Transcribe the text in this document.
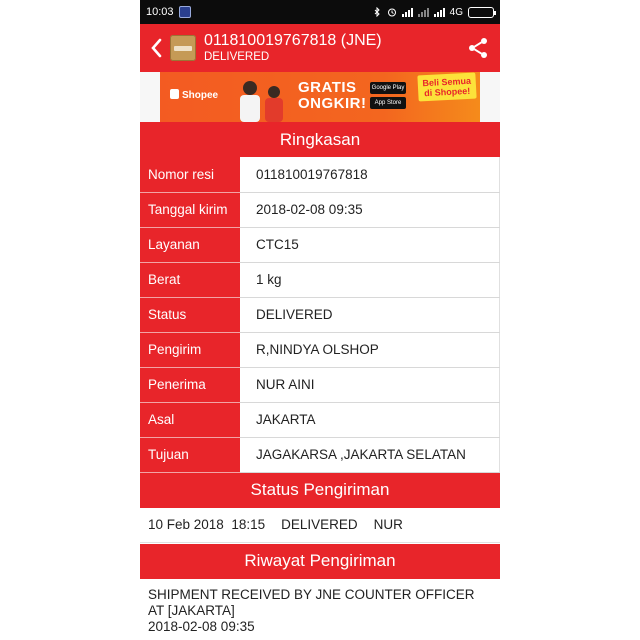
10:03	4G
011810019767818 (JNE)
DELIVERED
Shopee	GRATIS
ONGKIR!
Google Play
App Store
Beli Semua
di Shopee!
Ringkasan
Nomor resi	011810019767818
Tanggal kirim	2018-02-08 09:35
Layanan	CTC15
Berat	1 kg
Status	DELIVERED
Pengirim	R,NINDYA OLSHOP
Penerima	NUR AINI
Asal	JAKARTA
Tujuan	JAGAKARSA ,JAKARTA SELATAN
Status Pengiriman
10 Feb 2018 18:15 DELIVERED NUR
Riwayat Pengiriman
SHIPMENT RECEIVED BY JNE COUNTER OFFICER AT [JAKARTA]
2018-02-08 09:35
